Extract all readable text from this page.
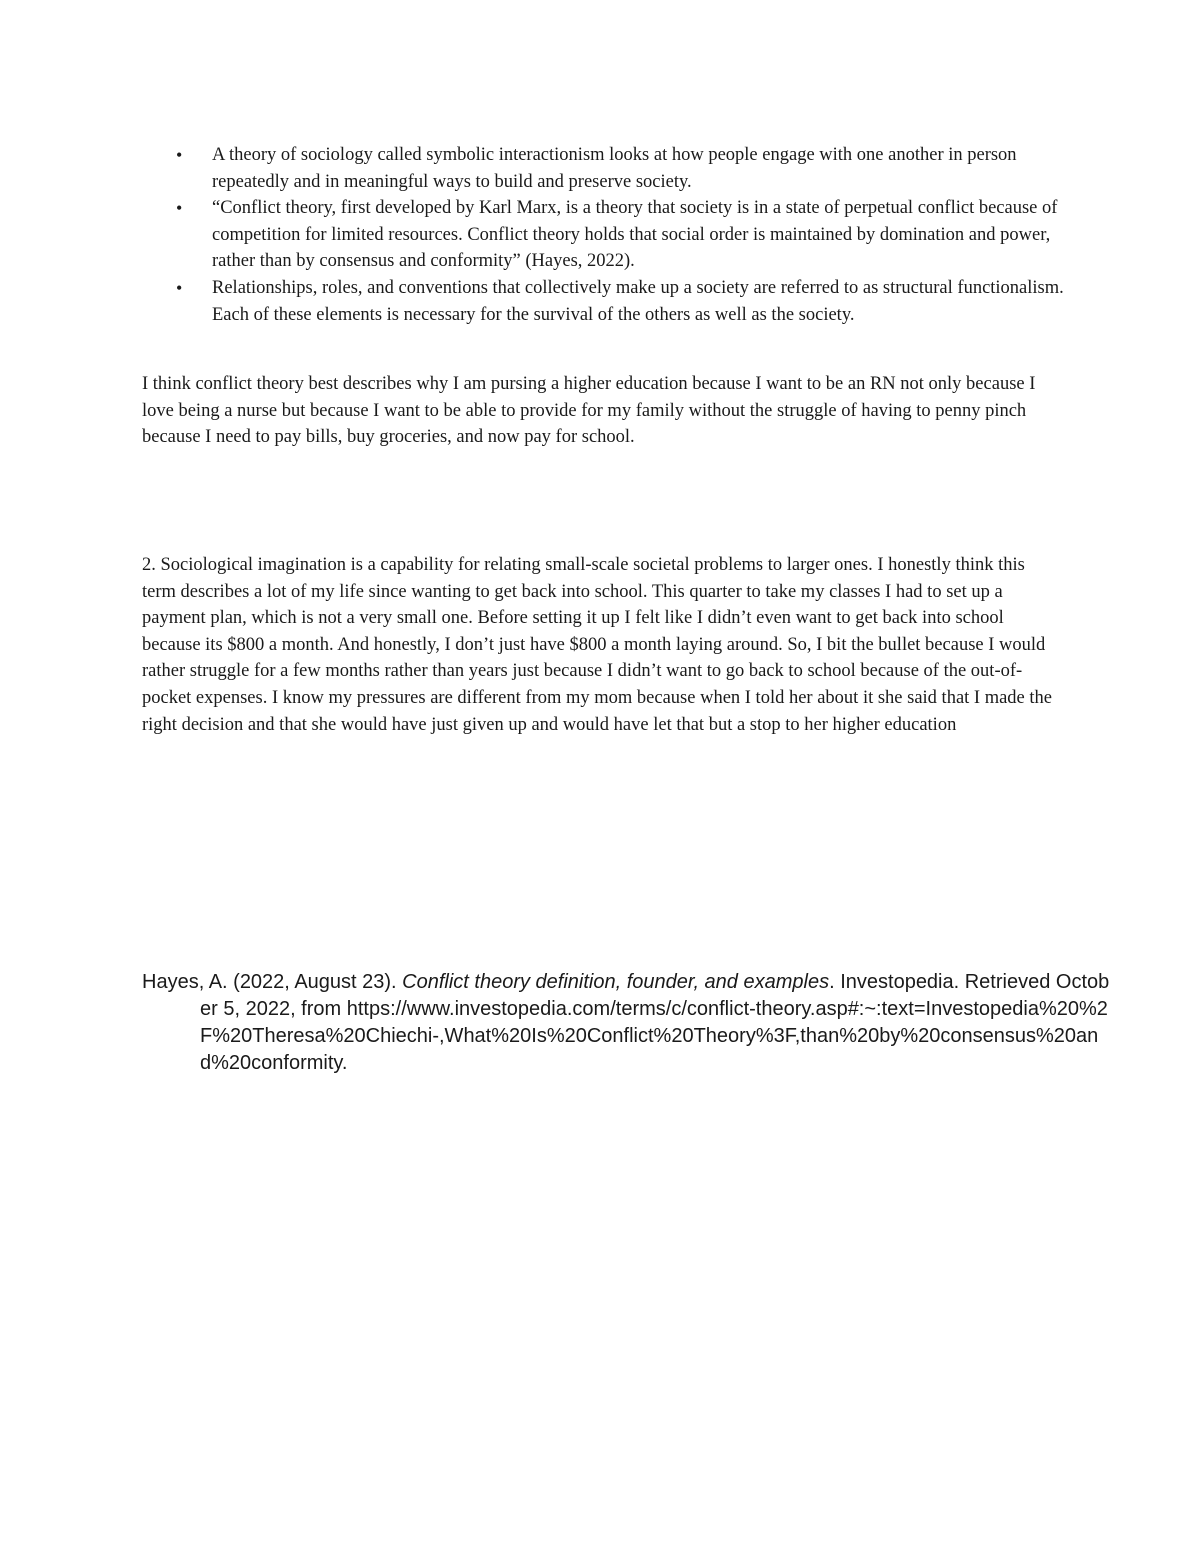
• A theory of sociology called symbolic interactionism looks at how people engage with one another in person repeatedly and in meaningful ways to build and preserve society.
• “Conflict theory, first developed by Karl Marx, is a theory that society is in a state of perpetual conflict because of competition for limited resources. Conflict theory holds that social order is maintained by domination and power, rather than by consensus and conformity” (Hayes, 2022).
• Relationships, roles, and conventions that collectively make up a society are referred to as structural functionalism. Each of these elements is necessary for the survival of the others as well as the society.

I think conflict theory best describes why I am pursing a higher education because I want to be an RN not only because I love being a nurse but because I want to be able to provide for my family without the struggle of having to penny pinch because I need to pay bills, buy groceries, and now pay for school.

2. Sociological imagination is a capability for relating small-scale societal problems to larger ones. I honestly think this term describes a lot of my life since wanting to get back into school. This quarter to take my classes I had to set up a payment plan, which is not a very small one. Before setting it up I felt like I didn’t even want to get back into school because its $800 a month. And honestly, I don’t just have $800 a month laying around. So, I bit the bullet because I would rather struggle for a few months rather than years just because I didn’t want to go back to school because of the out-of-pocket expenses. I know my pressures are different from my mom because when I told her about it she said that I made the right decision and that she would have just given up and would have let that but a stop to her higher education

Hayes, A. (2022, August 23). Conflict theory definition, founder, and examples. Investopedia. Retrieved October 5, 2022, from https://www.investopedia.com/terms/c/conflict-theory.asp#:~:text=Investopedia%20%2F%20Theresa%20Chiechi-,What%20Is%20Conflict%20Theory%3F,than%20by%20consensus%20and%20conformity.
